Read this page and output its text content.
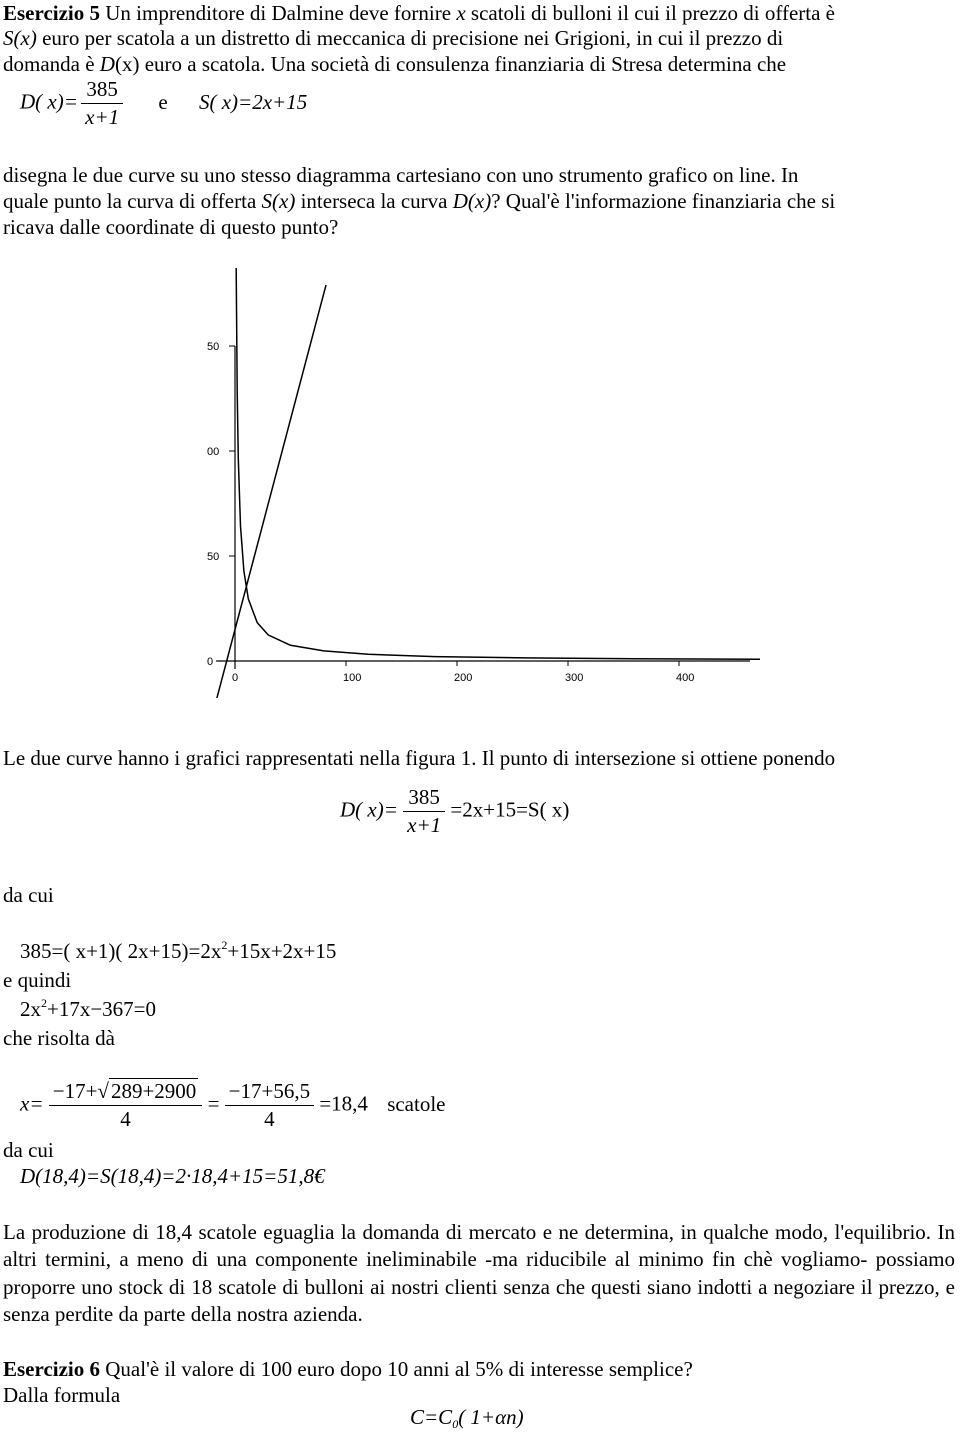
Esercizio 5 Un imprenditore di Dalmine deve fornire x scatoli di bulloni il cui il prezzo di offerta è
S(x) euro per scatola a un distretto di meccanica di precisione nei Grigioni, in cui il prezzo di
domanda è D(x) euro a scatola. Una società di consulenza finanziaria di Stresa determina che
D( $x)= \frac{385}{x+1}$ e S( x)=2x+15
disegna le due curve su uno stesso diagramma cartesiano con uno strumento grafico on line. In
quale punto la curva di offerta S(x) interseca la curva D(x)? Qual'è l'informazione finanziaria che si
ricava dalle coordinate di questo punto?
0	100	200	300	400
0
50
00
50
Le due curve hanno i grafici rappresentati nella figura 1. Il punto di intersezione si ottiene ponendo
D( $x)= \frac{385}{x+1} =2x+15=S$( x)
da cui
385=( x+1)( $2x+15)=2x^2+15x+2x+15$
e quindi
$2x^2+17x-367=0$
che risolta dà
$x= \frac{-17+√289+2900}{4} = \frac{-17+56,5}{4} =18,4$ scatole
da cui
D(18,4)=S(18,4)=2·18,4+15=51,8€
La produzione di 18,4 scatole eguaglia la domanda di mercato e ne determina, in qualche modo, l'equilibrio. In altri termini, a meno di una componente ineliminabile -ma riducibile al minimo fin chè vogliamo- possiamo proporre uno stock di 18 scatole di bulloni ai nostri clienti senza che questi siano indotti a negoziare il prezzo, e senza perdite da parte della nostra azienda.
Esercizio 6 Qual'è il valore di 100 euro dopo 10 anni al 5% di interesse semplice?
Dalla formula
$C=C_0$( 1+αn)
